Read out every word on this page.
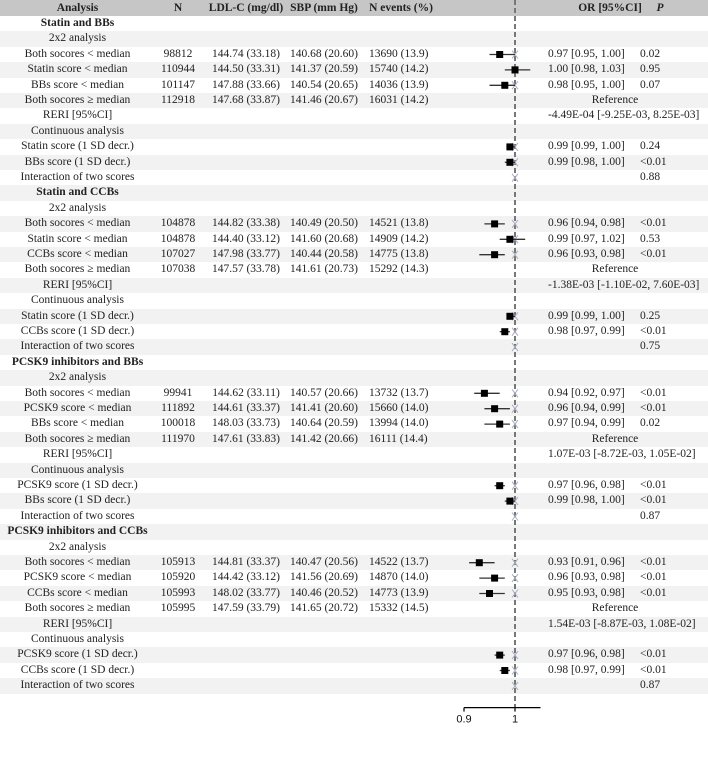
Analysis	N	LDL-C (mg/dl) SBP (mm Hg) N events (%)	OR [95%CI]	P
Statin and BBs
2x2 analysis
Both socores < median	98812	144.74 (33.18) 140.68 (20.60) 13690 (13.9)	0.97 [0.95, 1.00]	0.02
Statin score < median	110944	144.50 (33.31) 141.37 (20.59) 15740 (14.2)	1.00 [0.98, 1.03]	0.95
BBs score < median	101147	147.88 (33.66) 140.54 (20.65) 14036 (13.9)	0.98 [0.95, 1.00]	0.07
Both socores ≥ median	112918	147.68 (33.87) 141.46 (20.67) 16031 (14.2)	Reference
RERI [95%CI]	-4.49E-04 [-9.25E-03, 8.25E-03]
Continuous analysis
Statin score (1 SD decr.)	0.99 [0.99, 1.00]	0.24
BBs score (1 SD decr.)	0.99 [0.98, 1.00]	<0.01
Interaction of two scores	0.88
Statin and CCBs
2x2 analysis
Both socores < median	104878	144.82 (33.38) 140.49 (20.50) 14521 (13.8)	0.96 [0.94, 0.98]	<0.01
Statin score < median	104878	144.40 (33.12) 141.60 (20.68) 14909 (14.2)	0.99 [0.97, 1.02]	0.53
CCBs score < median	107027	147.98 (33.77) 140.44 (20.58) 14775 (13.8)	0.96 [0.93, 0.98]	<0.01
Both socores ≥ median	107038	147.57 (33.78) 141.61 (20.73) 15292 (14.3)	Reference
RERI [95%CI]	-1.38E-03 [-1.10E-02, 7.60E-03]
Continuous analysis
Statin score (1 SD decr.)	0.99 [0.99, 1.00]	0.25
CCBs score (1 SD decr.)	0.98 [0.97, 0.99]	<0.01
Interaction of two scores	0.75
PCSK9 inhibitors and BBs
2x2 analysis
Both socores < median	99941	144.62 (33.11) 140.57 (20.66) 13732 (13.7)	0.94 [0.92, 0.97]	<0.01
PCSK9 score < median	111892	144.61 (33.37) 141.41 (20.60) 15660 (14.0)	0.96 [0.94, 0.99]	<0.01
BBs score < median	100018	148.03 (33.73) 140.64 (20.59) 13994 (14.0)	0.97 [0.94, 0.99]	0.02
Both socores ≥ median	111970	147.61 (33.83) 141.42 (20.66) 16111 (14.4)	Reference
RERI [95%CI]	1.07E-03 [-8.72E-03, 1.05E-02]
Continuous analysis
PCSK9 score (1 SD decr.)	0.97 [0.96, 0.98]	<0.01
BBs score (1 SD decr.)	0.99 [0.98, 1.00]	<0.01
Interaction of two scores	0.87
PCSK9 inhibitors and CCBs
2x2 analysis
Both socores < median	105913	144.81 (33.37) 140.47 (20.56) 14522 (13.7)	0.93 [0.91, 0.96]	<0.01
PCSK9 score < median	105920	144.42 (33.12) 141.56 (20.69) 14870 (14.0)	0.96 [0.93, 0.98]	<0.01
CCBs score < median	105993	148.02 (33.77) 140.46 (20.52) 14773 (13.9)	0.95 [0.93, 0.98]	<0.01
Both socores ≥ median	105995	147.59 (33.79) 141.65 (20.72) 15332 (14.5)	Reference
RERI [95%CI]	1.54E-03 [-8.87E-03, 1.08E-02]
Continuous analysis
PCSK9 score (1 SD decr.)	0.97 [0.96, 0.98]	<0.01
CCBs score (1 SD decr.)	0.98 [0.97, 0.99]	<0.01
Interaction of two scores	0.87
0.9	1
